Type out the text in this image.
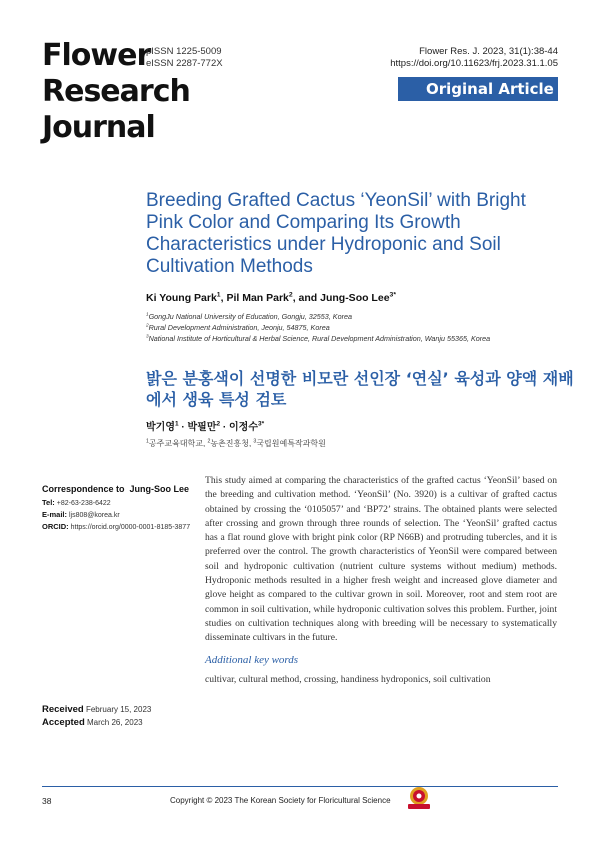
Flower
Research
Journal
pISSN 1225-5009
eISSN 2287-772X
Flower Res. J. 2023, 31(1):38-44
https://doi.org/10.11623/frj.2023.31.1.05
Original Article
Breeding Grafted Cactus ‘YeonSil’ with Bright Pink Color and Comparing Its Growth Characteristics under Hydroponic and Soil Cultivation Methods
Ki Young Park$^1$, Pil Man Park$^2$, and Jung-Soo Lee$^{3*}$
$^1$GongJu National University of Education, Gongju, 32553, Korea
$^2$Rural Development Administration, Jeonju, 54875, Korea
$^3$National Institute of Horticultural & Herbal Science, Rural Development Administration, Wanju 55365, Korea
밝은 분홍색이 선명한 비모란 선인장 ‘연실’ 육성과 양액 재배에서 생육 특성 검토
박기영$^1$ · 박필만$^2$ · 이정수$^{3*}$
$^1$공주교육대학교, $^2$농촌진흥청, $^3$국립원예특작과학원
Correspondence to Jung-Soo Lee
Tel: +82-63-238-6422
E-mail: ljs808@korea.kr
ORCID: https://orcid.org/0000-0001-8185-3877
This study aimed at comparing the characteristics of the grafted cactus ‘YeonSil’ based on the breeding and cultivation method. ‘YeonSil’ (No. 3920) is a cultivar of grafted cactus obtained by crossing the ‘0105057’ and ‘BP72’ strains. The obtained plants were selected after crossing and grown through three rounds of selection. The ‘YeonSil’ grafted cactus has a flat round glove with bright pink color (RP N66B) and protruding tubercles, and it is preferred over the control. The growth characteristics of YeonSil were compared between soil and hydroponic cultivation (nutrient culture systems without medium) methods. Hydroponic methods resulted in a higher fresh weight and increased glove diameter and glove height as compared to the cultivar grown in soil. Moreover, root and stem root are common in soil cultivation, while hydroponic cultivation solves this problem. Further, joint studies on cultivation techniques along with breeding will be necessary to systematically disseminate cultivars in the future.
Additional key words
cultivar, cultural method, crossing, handiness hydroponics, soil cultivation
Received February 15, 2023
Accepted March 26, 2023
38	Copyright © 2023 The Korean Society for Floricultural Science
